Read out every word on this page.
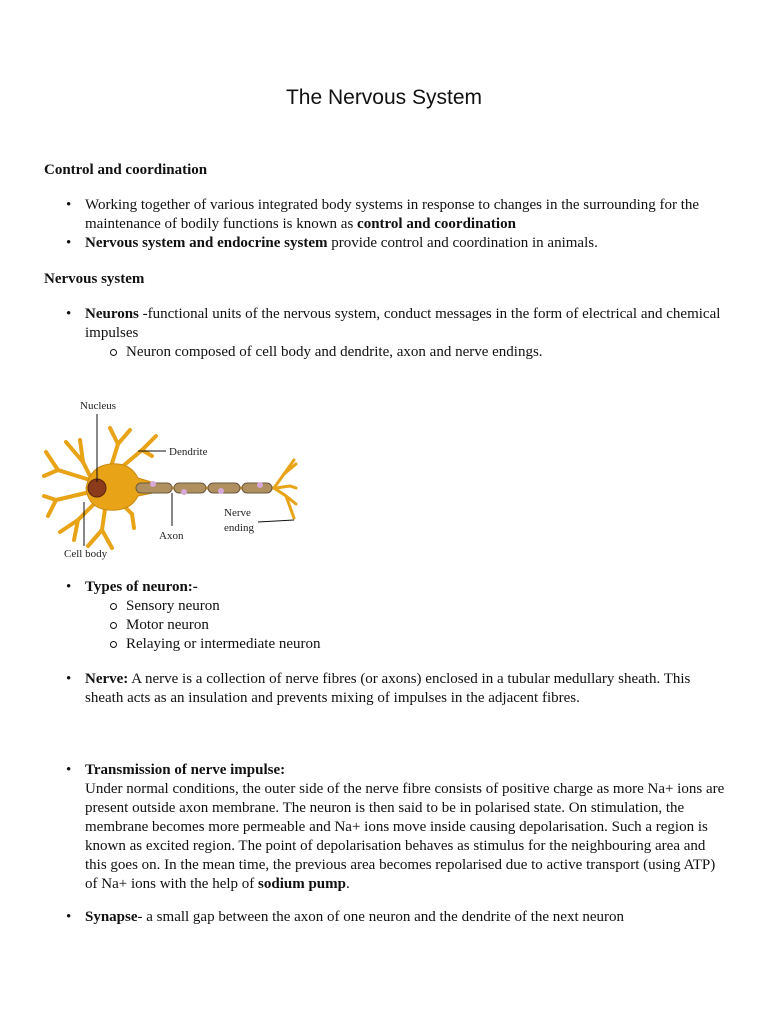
The Nervous System
Control and coordination
• Working together of various integrated body systems in response to changes in the surrounding for the maintenance of bodily functions is known as control and coordination
• Nervous system and endocrine system provide control and coordination in animals.
Nervous system
• Neurons -functional units of the nervous system, conduct messages in the form of electrical and chemical impulses
Neuron composed of cell body and dendrite, axon and nerve endings.
Nucleus
Dendrite
Nerve
ending
Axon
Cell body
• Types of neuron:-
Sensory neuron
Motor neuron
Relaying or intermediate neuron
• Nerve: A nerve is a collection of nerve fibres (or axons) enclosed in a tubular medullary sheath. This sheath acts as an insulation and prevents mixing of impulses in the adjacent fibres.
• Transmission of nerve impulse:
Under normal conditions, the outer side of the nerve fibre consists of positive charge as more Na+ ions are present outside axon membrane. The neuron is then said to be in polarised state. On stimulation, the membrane becomes more permeable and Na+ ions move inside causing depolarisation. Such a region is known as excited region. The point of depolarisation behaves as stimulus for the neighbouring area and this goes on. In the mean time, the previous area becomes repolarised due to active transport (using ATP) of Na+ ions with the help of sodium pump.
• Synapse- a small gap between the axon of one neuron and the dendrite of the next neuron
